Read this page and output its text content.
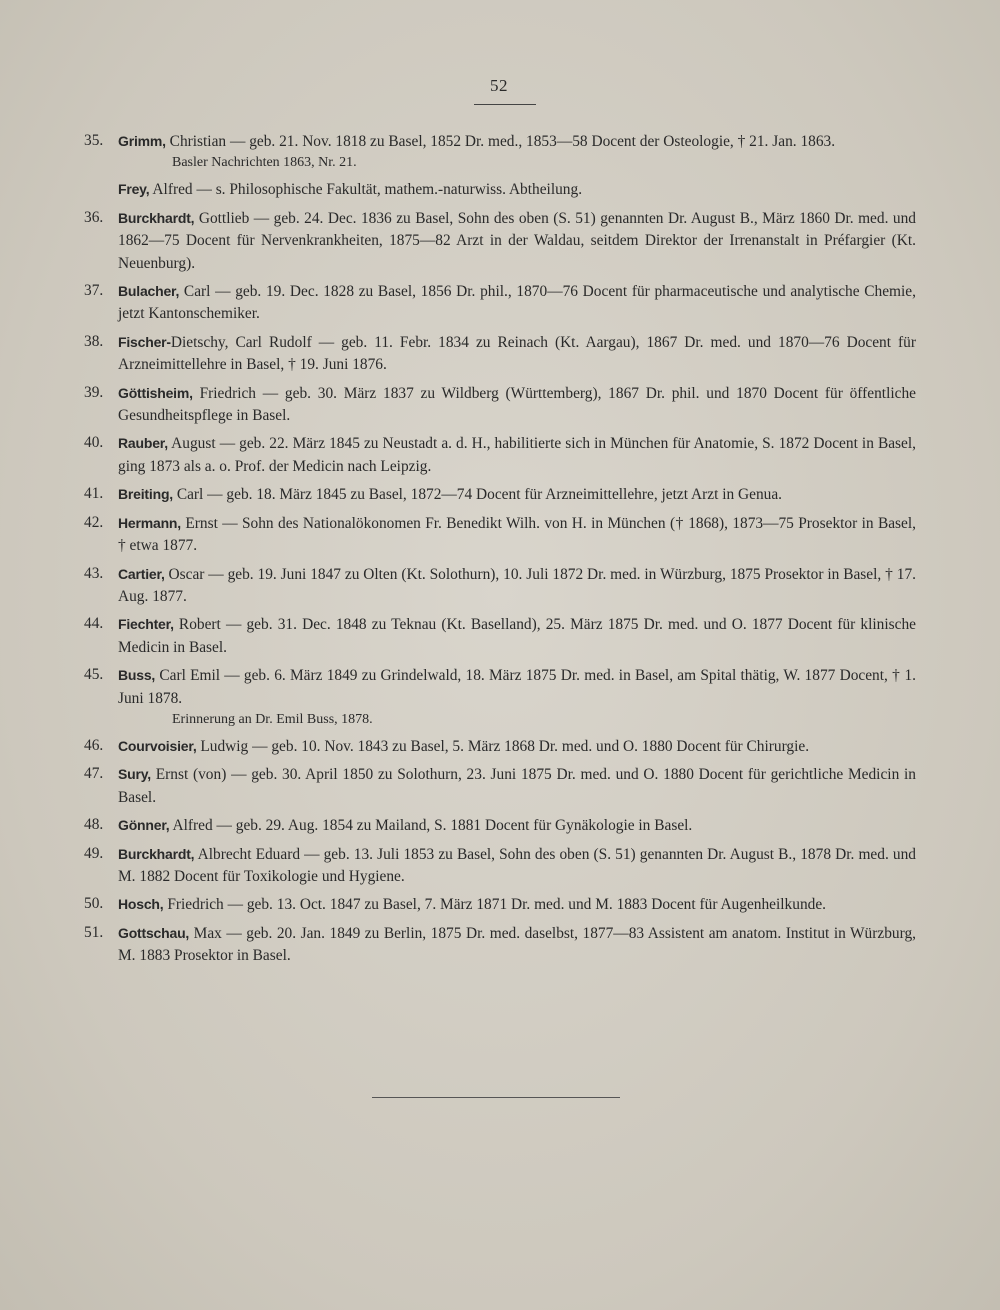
52
35.	Grimm, Christian — geb. 21. Nov. 1818 zu Basel, 1852 Dr. med., 1853—58 Docent der Osteologie, † 21. Jan. 1863.
Basler Nachrichten 1863, Nr. 21.
Frey, Alfred — s. Philosophische Fakultät, mathem.-naturwiss. Abtheilung.
36.	Burckhardt, Gottlieb — geb. 24. Dec. 1836 zu Basel, Sohn des oben (S. 51) genannten Dr. August B., März 1860 Dr. med. und 1862—75 Docent für Nervenkrankheiten, 1875—82 Arzt in der Waldau, seitdem Direktor der Irrenanstalt in Préfargier (Kt. Neuenburg).
37.	Bulacher, Carl — geb. 19. Dec. 1828 zu Basel, 1856 Dr. phil., 1870—76 Docent für pharmaceutische und analytische Chemie, jetzt Kantonschemiker.
38.	Fischer-Dietschy, Carl Rudolf — geb. 11. Febr. 1834 zu Reinach (Kt. Aargau), 1867 Dr. med. und 1870—76 Docent für Arzneimittellehre in Basel, † 19. Juni 1876.
39.	Göttisheim, Friedrich — geb. 30. März 1837 zu Wildberg (Württemberg), 1867 Dr. phil. und 1870 Docent für öffentliche Gesundheitspflege in Basel.
40.	Rauber, August — geb. 22. März 1845 zu Neustadt a. d. H., habilitierte sich in München für Anatomie, S. 1872 Docent in Basel, ging 1873 als a. o. Prof. der Medicin nach Leipzig.
41.	Breiting, Carl — geb. 18. März 1845 zu Basel, 1872—74 Docent für Arzneimittellehre, jetzt Arzt in Genua.
42.	Hermann, Ernst — Sohn des Nationalökonomen Fr. Benedikt Wilh. von H. in München († 1868), 1873—75 Prosektor in Basel, † etwa 1877.
43.	Cartier, Oscar — geb. 19. Juni 1847 zu Olten (Kt. Solothurn), 10. Juli 1872 Dr. med. in Würzburg, 1875 Prosektor in Basel, † 17. Aug. 1877.
44.	Fiechter, Robert — geb. 31. Dec. 1848 zu Teknau (Kt. Baselland), 25. März 1875 Dr. med. und O. 1877 Docent für klinische Medicin in Basel.
45.	Buss, Carl Emil — geb. 6. März 1849 zu Grindelwald, 18. März 1875 Dr. med. in Basel, am Spital thätig, W. 1877 Docent, † 1. Juni 1878.
Erinnerung an Dr. Emil Buss, 1878.
46.	Courvoisier, Ludwig — geb. 10. Nov. 1843 zu Basel, 5. März 1868 Dr. med. und O. 1880 Docent für Chirurgie.
47.	Sury, Ernst (von) — geb. 30. April 1850 zu Solothurn, 23. Juni 1875 Dr. med. und O. 1880 Docent für gerichtliche Medicin in Basel.
48.	Gönner, Alfred — geb. 29. Aug. 1854 zu Mailand, S. 1881 Docent für Gynäkologie in Basel.
49.	Burckhardt, Albrecht Eduard — geb. 13. Juli 1853 zu Basel, Sohn des oben (S. 51) genannten Dr. August B., 1878 Dr. med. und M. 1882 Docent für Toxikologie und Hygiene.
50.	Hosch, Friedrich — geb. 13. Oct. 1847 zu Basel, 7. März 1871 Dr. med. und M. 1883 Docent für Augenheilkunde.
51.	Gottschau, Max — geb. 20. Jan. 1849 zu Berlin, 1875 Dr. med. daselbst, 1877—83 Assistent am anatom. Institut in Würzburg, M. 1883 Prosektor in Basel.
